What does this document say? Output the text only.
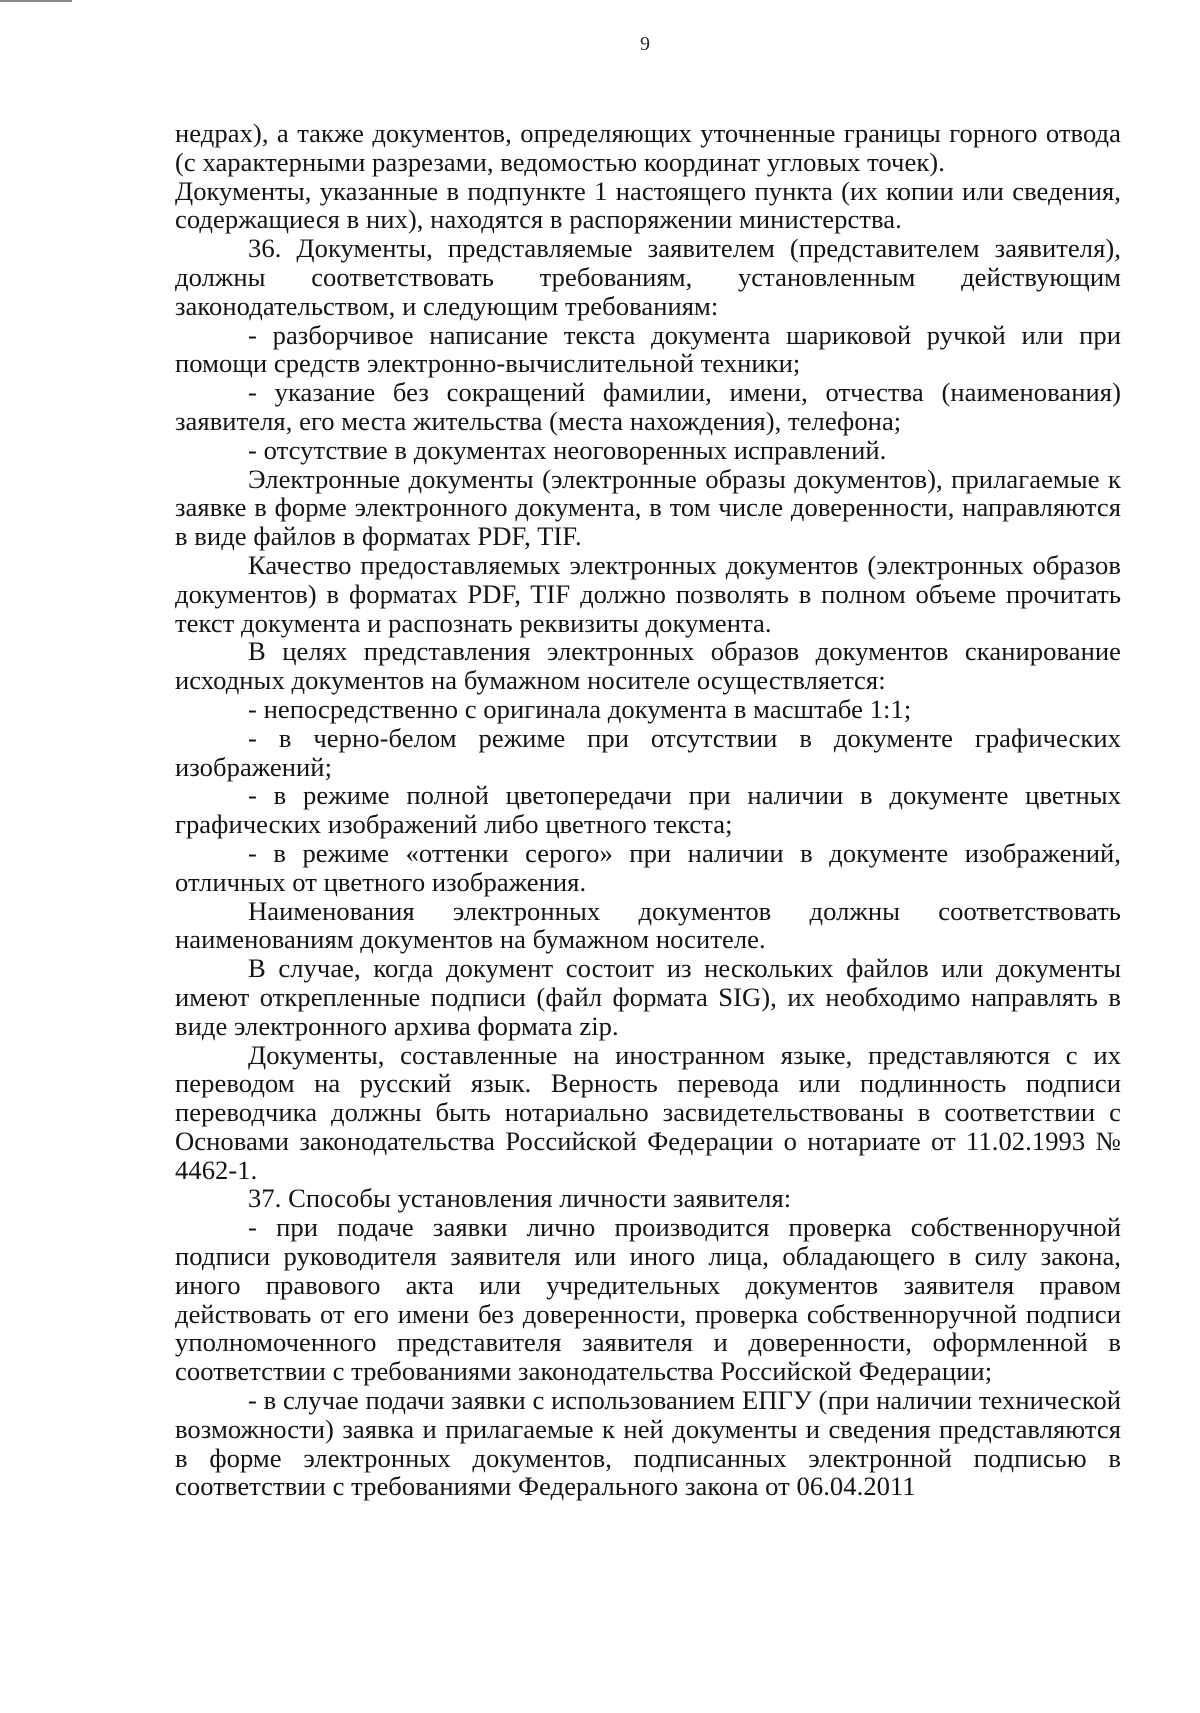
9

недрах), а также документов, определяющих уточненные границы горного отвода (с характерными разрезами, ведомостью координат угловых точек).

Документы, указанные в подпункте 1 настоящего пункта (их копии или сведения, содержащиеся в них), находятся в распоряжении министерства.

36. Документы, представляемые заявителем (представителем заявителя), должны соответствовать требованиям, установленным действующим законодательством, и следующим требованиям:

- разборчивое написание текста документа шариковой ручкой или при помощи средств электронно-вычислительной техники;

- указание без сокращений фамилии, имени, отчества (наименования) заявителя, его места жительства (места нахождения), телефона;

- отсутствие в документах неоговоренных исправлений.

Электронные документы (электронные образы документов), прилагаемые к заявке в форме электронного документа, в том числе доверенности, направляются в виде файлов в форматах PDF, TIF.

Качество предоставляемых электронных документов (электронных образов документов) в форматах PDF, TIF должно позволять в полном объеме прочитать текст документа и распознать реквизиты документа.

В целях представления электронных образов документов сканирование исходных документов на бумажном носителе осуществляется:

- непосредственно с оригинала документа в масштабе 1:1;

- в черно-белом режиме при отсутствии в документе графических изображений;

- в режиме полной цветопередачи при наличии в документе цветных графических изображений либо цветного текста;

- в режиме «оттенки серого» при наличии в документе изображений, отличных от цветного изображения.

Наименования электронных документов должны соответствовать наименованиям документов на бумажном носителе.

В случае, когда документ состоит из нескольких файлов или документы имеют открепленные подписи (файл формата SIG), их необходимо направлять в виде электронного архива формата zip.

Документы, составленные на иностранном языке, представляются с их переводом на русский язык. Верность перевода или подлинность подписи переводчика должны быть нотариально засвидетельствованы в соответствии с Основами законодательства Российской Федерации о нотариате от 11.02.1993 № 4462-1.

37. Способы установления личности заявителя:

- при подаче заявки лично производится проверка собственноручной подписи руководителя заявителя или иного лица, обладающего в силу закона, иного правового акта или учредительных документов заявителя правом действовать от его имени без доверенности, проверка собственноручной подписи уполномоченного представителя заявителя и доверенности, оформленной в соответствии с требованиями законодательства Российской Федерации;

- в случае подачи заявки с использованием ЕПГУ (при наличии технической возможности) заявка и прилагаемые к ней документы и сведения представляются в форме электронных документов, подписанных электронной подписью в соответствии с требованиями Федерального закона от 06.04.2011
